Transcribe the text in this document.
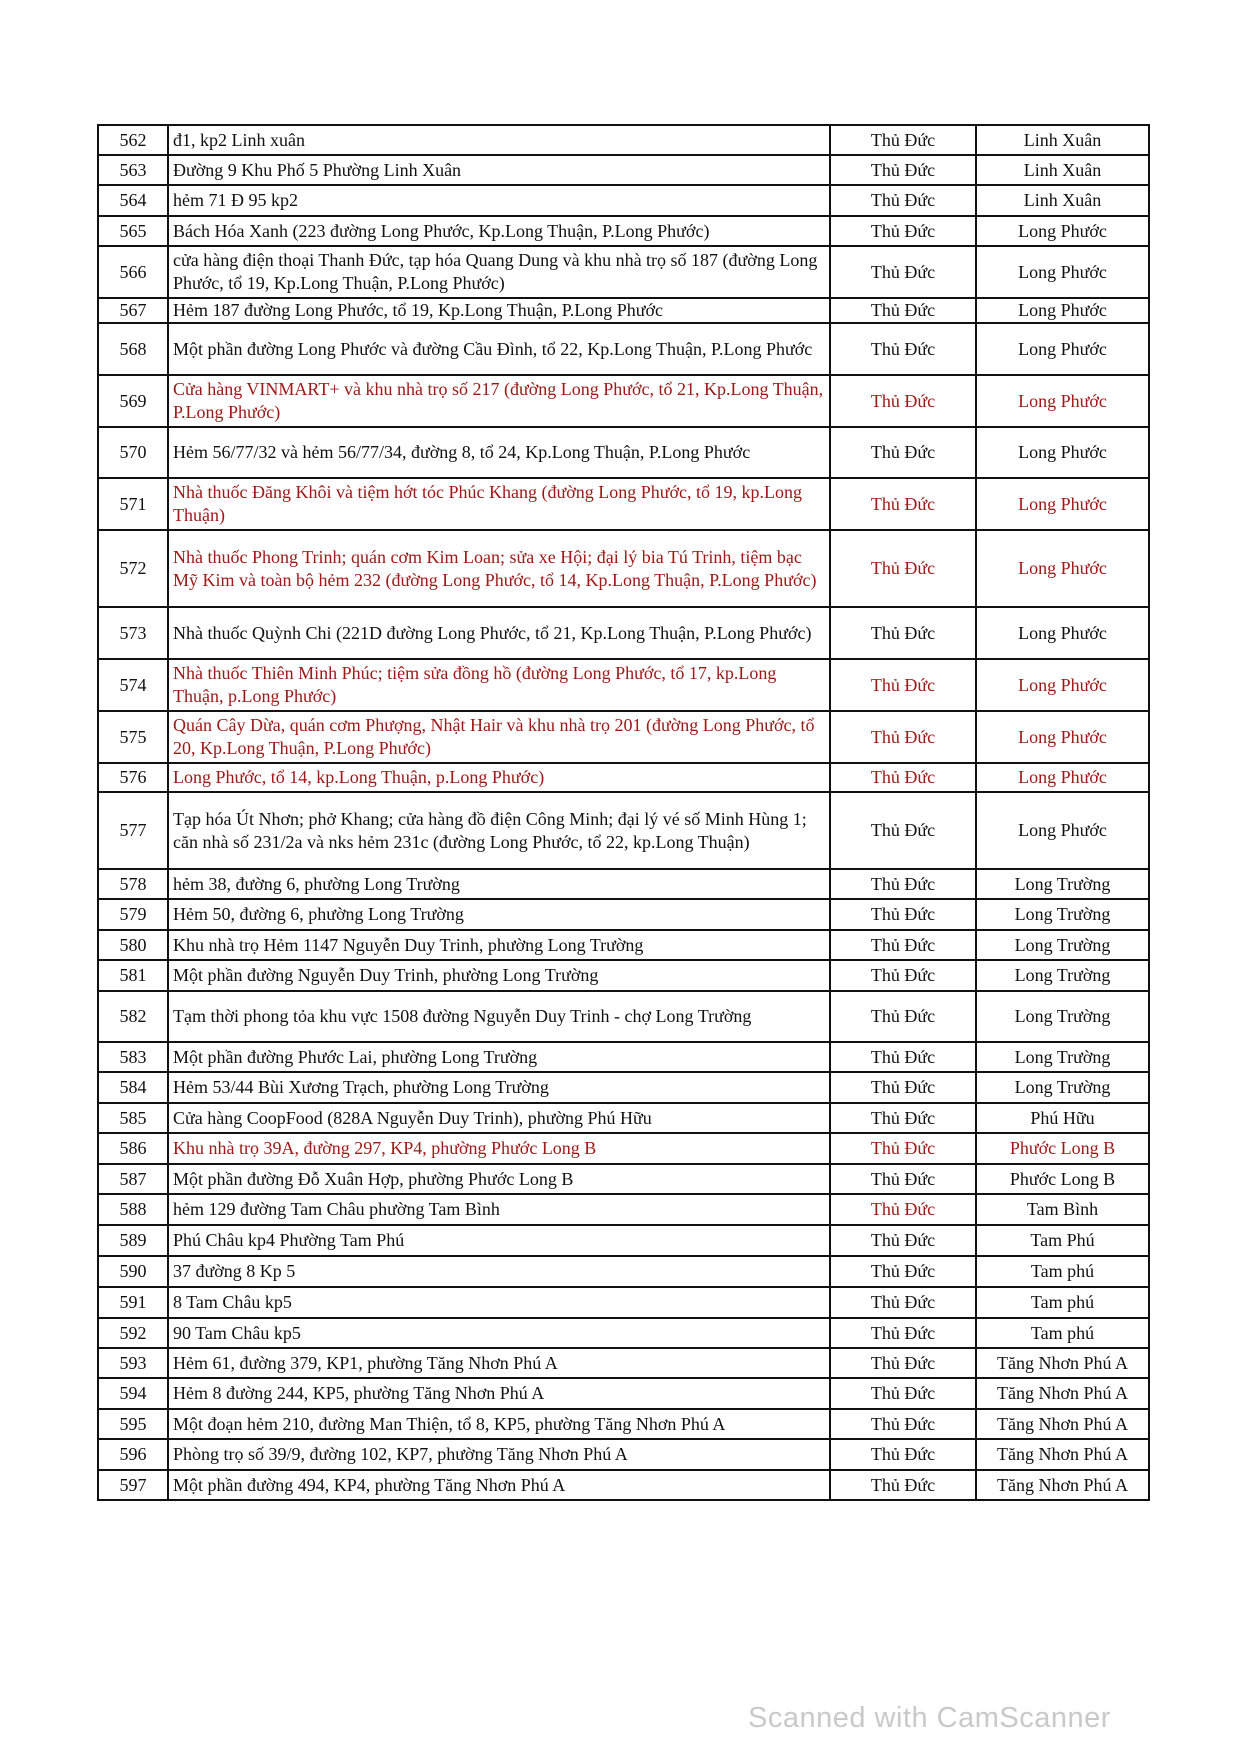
562	đ1, kp2 Linh xuân	Thủ Đức	Linh Xuân
563	Đường 9 Khu Phố 5 Phường Linh Xuân	Thủ Đức	Linh Xuân
564	hẻm 71 Đ 95 kp2	Thủ Đức	Linh Xuân
565	Bách Hóa Xanh (223 đường Long Phước, Kp.Long Thuận, P.Long Phước)	Thủ Đức	Long Phước
566	cửa hàng điện thoại Thanh Đức, tạp hóa Quang Dung và khu nhà trọ số 187 (đường Long Phước, tổ 19, Kp.Long Thuận, P.Long Phước)	Thủ Đức	Long Phước
567	Hẻm 187 đường Long Phước, tổ 19, Kp.Long Thuận, P.Long Phước	Thủ Đức	Long Phước
568	Một phần đường Long Phước và đường Cầu Đình, tổ 22, Kp.Long Thuận, P.Long Phước	Thủ Đức	Long Phước
569	Cửa hàng VINMART+ và khu nhà trọ số 217 (đường Long Phước, tổ 21, Kp.Long Thuận, P.Long Phước)	Thủ Đức	Long Phước
570	Hẻm 56/77/32 và hẻm 56/77/34, đường 8, tổ 24, Kp.Long Thuận, P.Long Phước	Thủ Đức	Long Phước
571	Nhà thuốc Đăng Khôi và tiệm hớt tóc Phúc Khang (đường Long Phước, tổ 19, kp.Long Thuận)	Thủ Đức	Long Phước
572	Nhà thuốc Phong Trinh; quán cơm Kim Loan; sửa xe Hội; đại lý bia Tú Trinh, tiệm bạc Mỹ Kim và toàn bộ hẻm 232 (đường Long Phước, tổ 14, Kp.Long Thuận, P.Long Phước)	Thủ Đức	Long Phước
573	Nhà thuốc Quỳnh Chi (221D đường Long Phước, tổ 21, Kp.Long Thuận, P.Long Phước)	Thủ Đức	Long Phước
574	Nhà thuốc Thiên Minh Phúc; tiệm sửa đồng hồ (đường Long Phước, tổ 17, kp.Long Thuận, p.Long Phước)	Thủ Đức	Long Phước
575	Quán Cây Dừa, quán cơm Phượng, Nhật Hair và khu nhà trọ 201 (đường Long Phước, tổ 20, Kp.Long Thuận, P.Long Phước)	Thủ Đức	Long Phước
576	Long Phước, tổ 14, kp.Long Thuận, p.Long Phước)	Thủ Đức	Long Phước
577	Tạp hóa Út Nhơn; phở Khang; cửa hàng đồ điện Công Minh; đại lý vé số Minh Hùng 1; căn nhà số 231/2a và nks hẻm 231c (đường Long Phước, tổ 22, kp.Long Thuận)	Thủ Đức	Long Phước
578	hẻm 38, đường 6, phường Long Trường	Thủ Đức	Long Trường
579	Hẻm 50, đường 6, phường Long Trường	Thủ Đức	Long Trường
580	Khu nhà trọ Hẻm 1147 Nguyễn Duy Trinh, phường Long Trường	Thủ Đức	Long Trường
581	Một phần đường Nguyễn Duy Trinh, phường Long Trường	Thủ Đức	Long Trường
582	Tạm thời phong tỏa khu vực 1508 đường Nguyễn Duy Trinh - chợ Long Trường	Thủ Đức	Long Trường
583	Một phần đường Phước Lai, phường Long Trường	Thủ Đức	Long Trường
584	Hẻm 53/44 Bùi Xương Trạch, phường Long Trường	Thủ Đức	Long Trường
585	Cửa hàng CoopFood (828A Nguyễn Duy Trinh), phường Phú Hữu	Thủ Đức	Phú Hữu
586	Khu nhà trọ 39A, đường 297, KP4, phường Phước Long B	Thủ Đức	Phước Long B
587	Một phần đường Đỗ Xuân Hợp, phường Phước Long B	Thủ Đức	Phước Long B
588	hẻm 129 đường Tam Châu phường Tam Bình	Thủ Đức	Tam Bình
589	Phú Châu kp4 Phường Tam Phú	Thủ Đức	Tam Phú
590	37 đường 8 Kp 5	Thủ Đức	Tam phú
591	8 Tam Châu kp5	Thủ Đức	Tam phú
592	90 Tam Châu kp5	Thủ Đức	Tam phú
593	Hẻm 61, đường 379, KP1, phường Tăng Nhơn Phú A	Thủ Đức	Tăng Nhơn Phú A
594	Hẻm 8 đường 244, KP5, phường Tăng Nhơn Phú A	Thủ Đức	Tăng Nhơn Phú A
595	Một đoạn hẻm 210, đường Man Thiện, tổ 8, KP5, phường Tăng Nhơn Phú A	Thủ Đức	Tăng Nhơn Phú A
596	Phòng trọ số 39/9, đường 102, KP7, phường Tăng Nhơn Phú A	Thủ Đức	Tăng Nhơn Phú A
597	Một phần đường 494, KP4, phường Tăng Nhơn Phú A	Thủ Đức	Tăng Nhơn Phú A
Scanned with CamScanner
